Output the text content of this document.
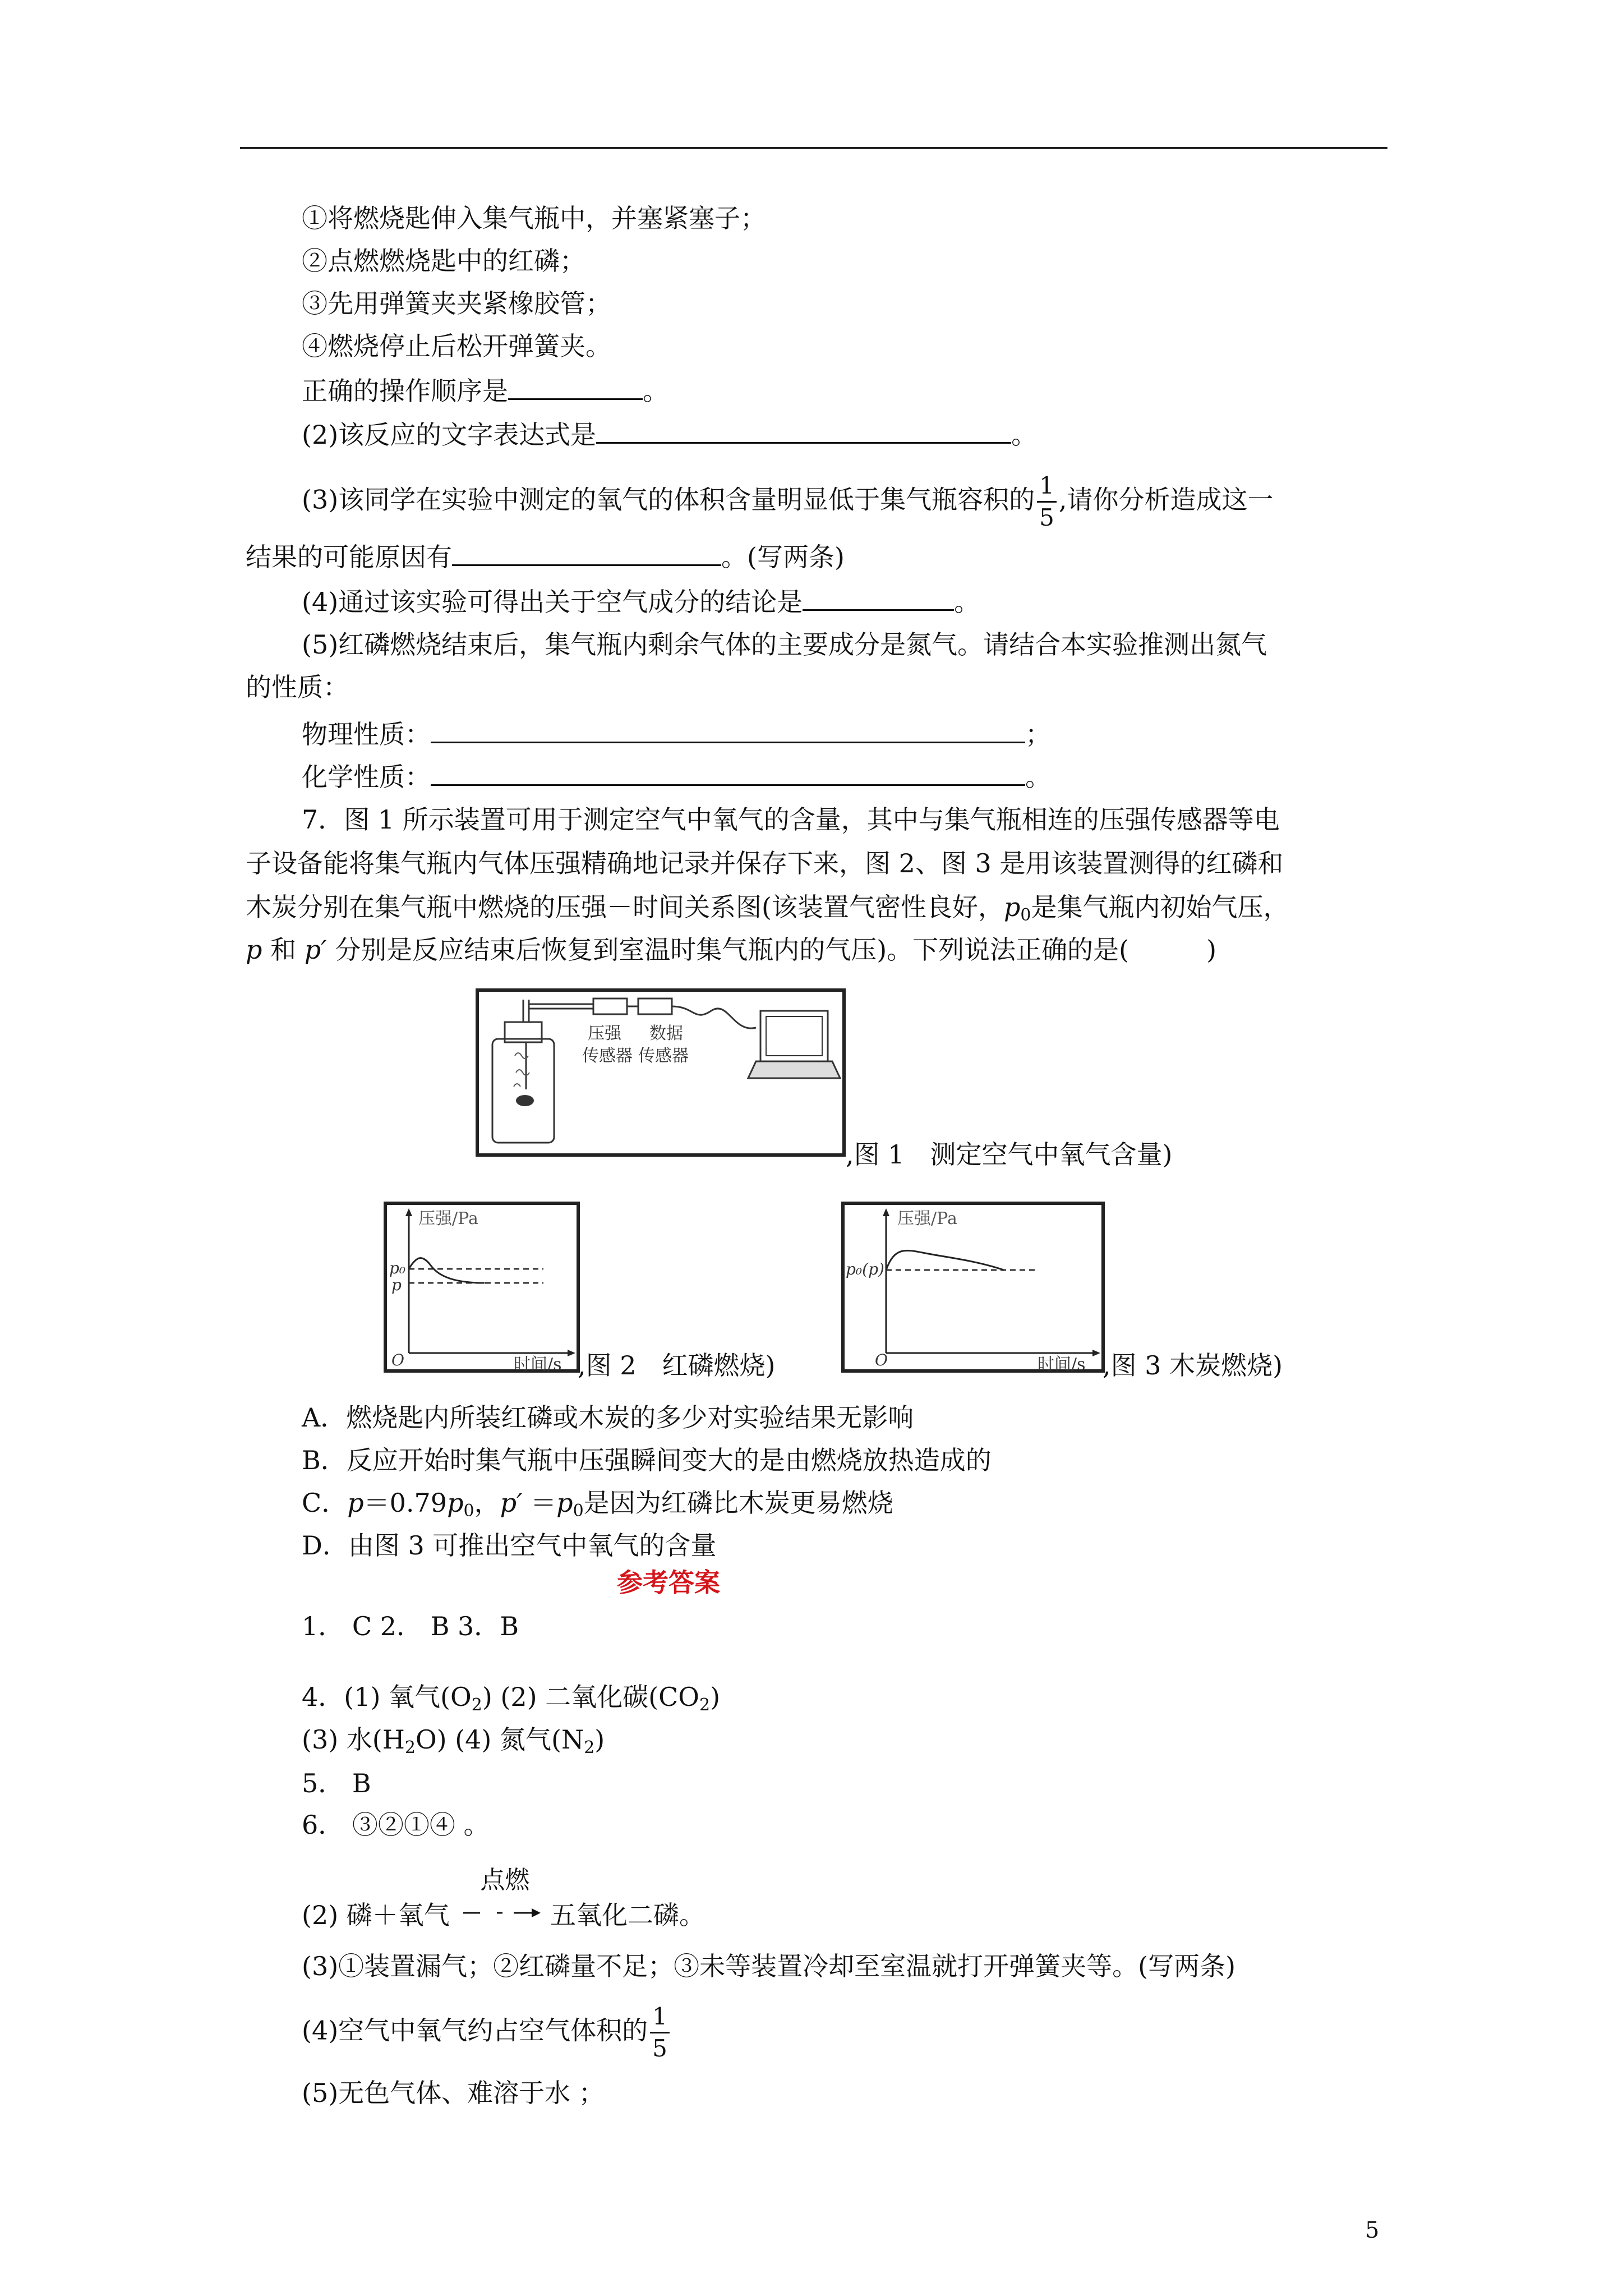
①将燃烧匙伸入集气瓶中，并塞紧塞子；
②点燃燃烧匙中的红磷；
③先用弹簧夹夹紧橡胶管；
④燃烧停止后松开弹簧夹。
正确的操作顺序是	。
(2)该反应的文字表达式是	。
(3)该同学在实验中测定的氧气的体积含量明显低于集气瓶容积的 $\frac{1}{5}$ ,请你分析造成这一
结果的可能原因有	。(写两条)
(4)通过该实验可得出关于空气成分的结论是	。
(5)红磷燃烧结束后，集气瓶内剩余气体的主要成分是氮气。请结合本实验推测出氮气
的性质：
物理性质：	；
化学性质：	。
7．图 1 所示装置可用于测定空气中氧气的含量，其中与集气瓶相连的压强传感器等电
子设备能将集气瓶内气体压强精确地记录并保存下来，图 2、图 3 是用该装置测得的红磷和
木炭分别在集气瓶中燃烧的压强－时间关系图(该装置气密性良好，$p_0$是集气瓶内初始气压，
p 和 p′ 分别是反应结束后恢复到室温时集气瓶内的气压)。下列说法正确的是(　　　)
压强
传感器
数据
传感器
,图 1　测定空气中氧气含量)
压强/Pa
p₀
p
O	时间/s ,图 2　红磷燃烧)
压强/Pa
p₀(p)
O	时间/s ,图 3 木炭燃烧)
A．燃烧匙内所装红磷或木炭的多少对实验结果无影响
B．反应开始时集气瓶中压强瞬间变大的是由燃烧放热造成的
C．$p=0.79p_0$，$p' =p_0$是因为红磷比木炭更易燃烧
D．由图 3 可推出空气中氧气的含量
参考答案
1． C 2． B 3．B
4．(1) 氧气$(O_2)$ (2) 二氧化碳$(CO_2)$
(3) 水$(H_2O)$ (4) 氮气$(N_2)$
5． B
6． ③②①④ 。
(2) 磷＋氧气
点燃
五氧化二磷。
(3)①装置漏气；②红磷量不足；③未等装置冷却至室温就打开弹簧夹等。(写两条)
(4)空气中氧气约占空气体积的 $\frac{1}{5}$
(5)无色气体、难溶于水 ；
5
